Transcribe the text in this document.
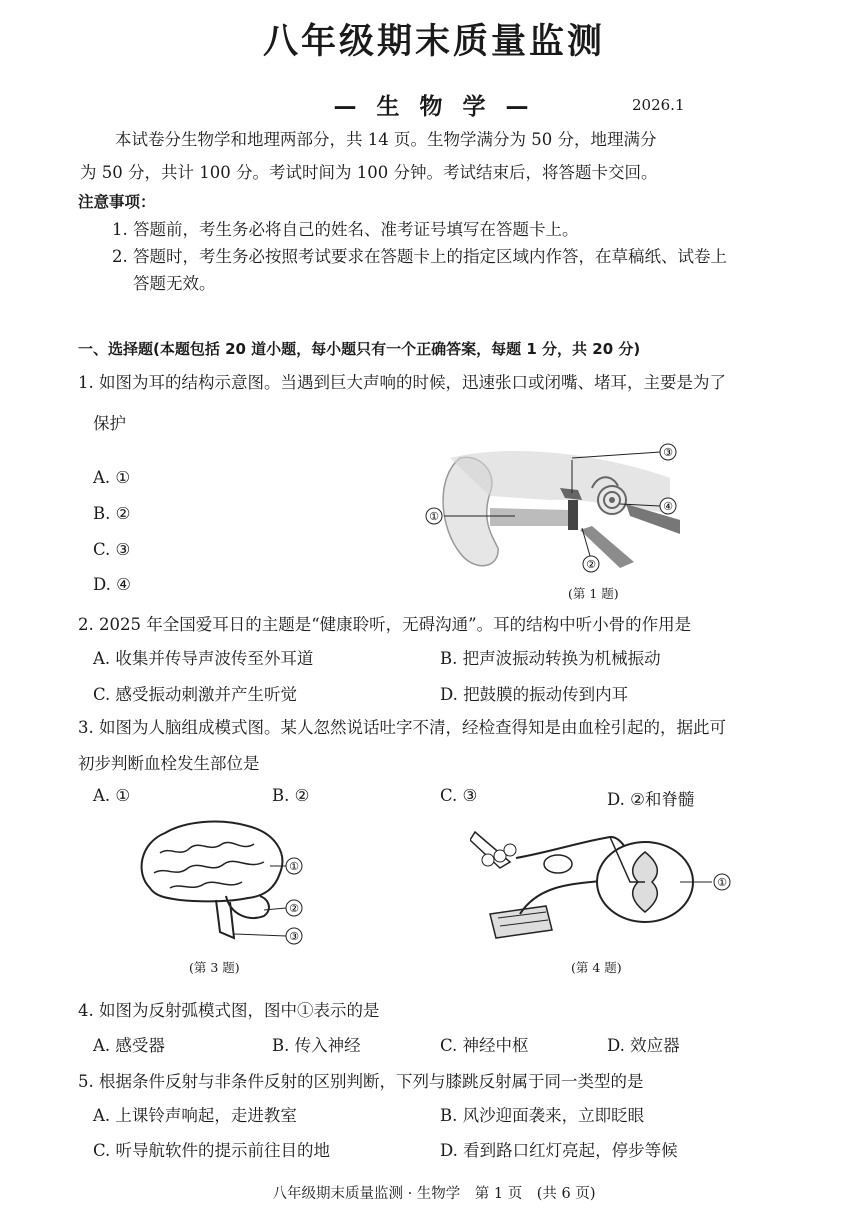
八年级期末质量监测
— 生 物 学 —	2026.1
本试卷分生物学和地理两部分，共 14 页。生物学满分为 50 分，地理满分
为 50 分，共计 100 分。考试时间为 100 分钟。考试结束后，将答题卡交回。
注意事项：
1. 答题前，考生务必将自己的姓名、准考证号填写在答题卡上。
2. 答题时，考生务必按照考试要求在答题卡上的指定区域内作答，在草稿纸、试卷上
答题无效。
一、选择题(本题包括 20 道小题，每小题只有一个正确答案，每题 1 分，共 20 分)
1. 如图为耳的结构示意图。当遇到巨大声响的时候，迅速张口或闭嘴、堵耳，主要是为了
保护
A. ①
B. ②
C. ③
D. ④
①
②
③
④
(第 1 题)
2. 2025 年全国爱耳日的主题是“健康聆听，无碍沟通”。耳的结构中听小骨的作用是
A. 收集并传导声波传至外耳道	B. 把声波振动转换为机械振动
C. 感受振动刺激并产生听觉	D. 把鼓膜的振动传到内耳
3. 如图为人脑组成模式图。某人忽然说话吐字不清，经检查得知是由血栓引起的，据此可
初步判断血栓发生部位是
A. ①	B. ②	C. ③	D. ②和脊髓
①
②
③
(第 3 题)
①
(第 4 题)
4. 如图为反射弧模式图，图中①表示的是
A. 感受器	B. 传入神经	C. 神经中枢	D. 效应器
5. 根据条件反射与非条件反射的区别判断，下列与膝跳反射属于同一类型的是
A. 上课铃声响起，走进教室	B. 风沙迎面袭来，立即眨眼
C. 听导航软件的提示前往目的地	D. 看到路口红灯亮起，停步等候
八年级期末质量监测 · 生物学　第 1 页　(共 6 页)
